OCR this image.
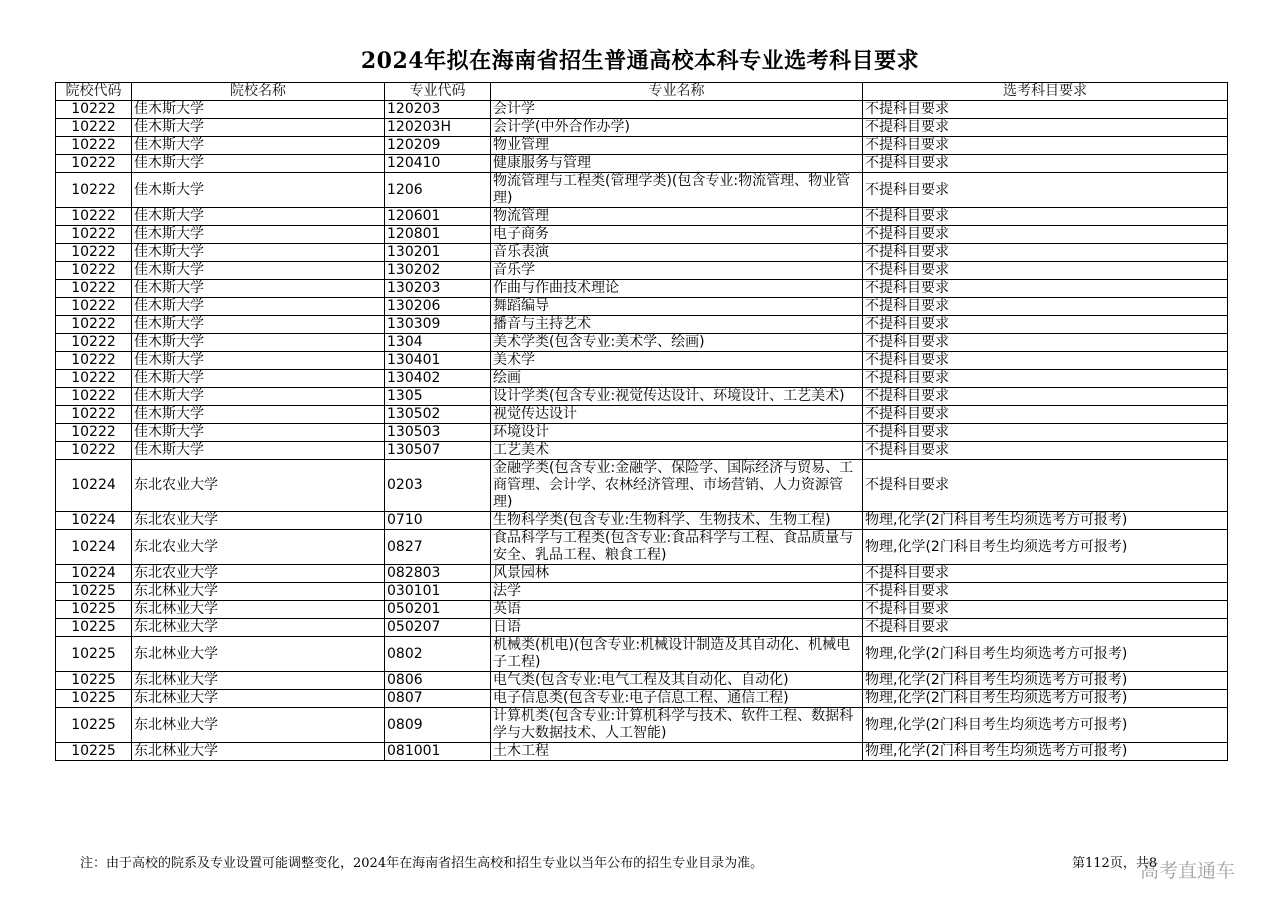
2024年拟在海南省招生普通高校本科专业选考科目要求
院校代码	院校名称	专业代码	专业名称	选考科目要求
10222	佳木斯大学	120203	会计学	不提科目要求
10222	佳木斯大学	120203H	会计学(中外合作办学)	不提科目要求
10222	佳木斯大学	120209	物业管理	不提科目要求
10222	佳木斯大学	120410	健康服务与管理	不提科目要求
10222	佳木斯大学	1206	物流管理与工程类(管理学类)(包含专业:物流管理、物业管理)	不提科目要求
10222	佳木斯大学	120601	物流管理	不提科目要求
10222	佳木斯大学	120801	电子商务	不提科目要求
10222	佳木斯大学	130201	音乐表演	不提科目要求
10222	佳木斯大学	130202	音乐学	不提科目要求
10222	佳木斯大学	130203	作曲与作曲技术理论	不提科目要求
10222	佳木斯大学	130206	舞蹈编导	不提科目要求
10222	佳木斯大学	130309	播音与主持艺术	不提科目要求
10222	佳木斯大学	1304	美术学类(包含专业:美术学、绘画)	不提科目要求
10222	佳木斯大学	130401	美术学	不提科目要求
10222	佳木斯大学	130402	绘画	不提科目要求
10222	佳木斯大学	1305	设计学类(包含专业:视觉传达设计、环境设计、工艺美术)	不提科目要求
10222	佳木斯大学	130502	视觉传达设计	不提科目要求
10222	佳木斯大学	130503	环境设计	不提科目要求
10222	佳木斯大学	130507	工艺美术	不提科目要求
10224	东北农业大学	0203	金融学类(包含专业:金融学、保险学、国际经济与贸易、工商管理、会计学、农林经济管理、市场营销、人力资源管理)	不提科目要求
10224	东北农业大学	0710	生物科学类(包含专业:生物科学、生物技术、生物工程)	物理,化学(2门科目考生均须选考方可报考)
10224	东北农业大学	0827	食品科学与工程类(包含专业:食品科学与工程、食品质量与安全、乳品工程、粮食工程)	物理,化学(2门科目考生均须选考方可报考)
10224	东北农业大学	082803	风景园林	不提科目要求
10225	东北林业大学	030101	法学	不提科目要求
10225	东北林业大学	050201	英语	不提科目要求
10225	东北林业大学	050207	日语	不提科目要求
10225	东北林业大学	0802	机械类(机电)(包含专业:机械设计制造及其自动化、机械电子工程)	物理,化学(2门科目考生均须选考方可报考)
10225	东北林业大学	0806	电气类(包含专业:电气工程及其自动化、自动化)	物理,化学(2门科目考生均须选考方可报考)
10225	东北林业大学	0807	电子信息类(包含专业:电子信息工程、通信工程)	物理,化学(2门科目考生均须选考方可报考)
10225	东北林业大学	0809	计算机类(包含专业:计算机科学与技术、软件工程、数据科学与大数据技术、人工智能)	物理,化学(2门科目考生均须选考方可报考)
10225	东北林业大学	081001	土木工程	物理,化学(2门科目考生均须选考方可报考)
注：由于高校的院系及专业设置可能调整变化，2024年在海南省招生高校和招生专业以当年公布的招生专业目录为准。	第112页，共8
高考直通车
